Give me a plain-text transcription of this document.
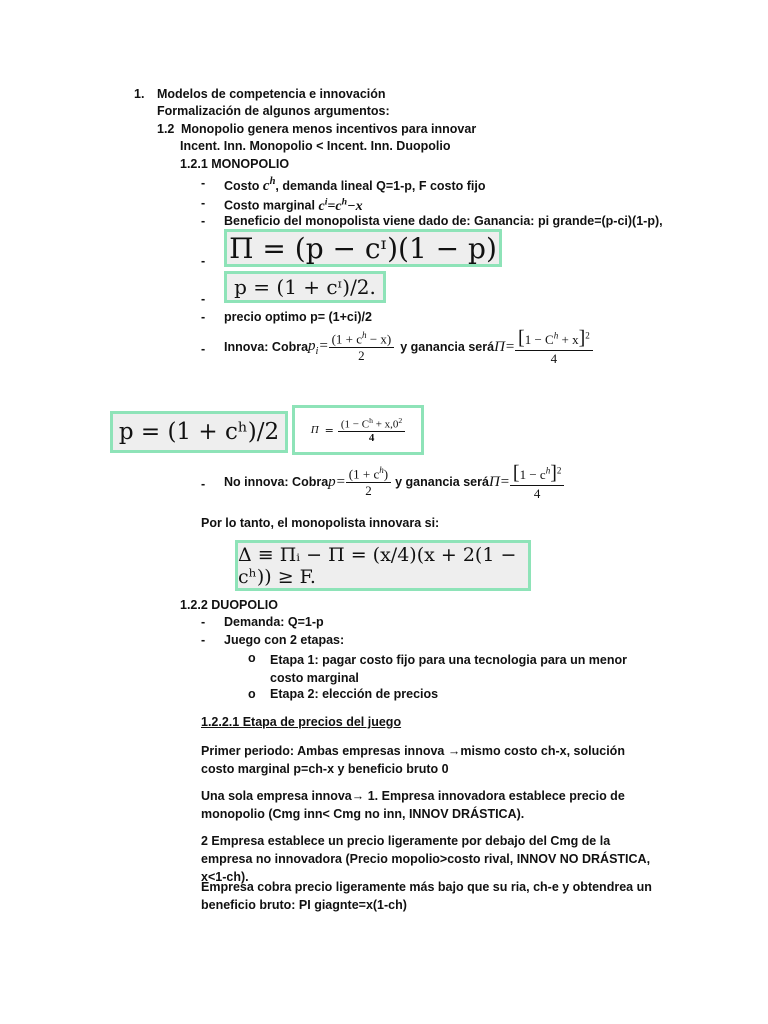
1. Modelos de competencia e innovación
Formalización de algunos argumentos:
1.2 Monopolio genera menos incentivos para innovar
Incent. Inn. Monopolio < Incent. Inn. Duopolio
1.2.1 MONOPOLIO
- Costo $c^h$, demanda lineal Q=1-p, F costo fijo
- Costo marginal $c^i=c^h-x$
- Beneficio del monopolista viene dado de: Ganancia: pi grande=(p-ci)(1-p),
- Π = (p − cᶦ)(1 − p)
-	p = (1 + cᶦ)/2.
- precio optimo p= (1+ci)/2
- Innova: Cobra $p_i= \frac{(1 + c^h - x)}{2}$ y ganancia será $\Pi= \frac{[1 - C^h + x]^2}{4}$
p = (1 + cʰ)/2	$\Pi = \frac{(1 - C^h + x,0^2}{4}$
- No innova: Cobra $p= \frac{(1 + c^h)}{2}$ y ganancia será $\Pi= \frac{[1 - c^h]^2}{4}$
Por lo tanto, el monopolista innovara si:
Δ ≡ Πᵢ − Π = (x/4)(x + 2(1 − cʰ)) ≥ F.
1.2.2 DUOPOLIO
- Demanda: Q=1-p
- Juego con 2 etapas:
o Etapa 1: pagar costo fijo para una tecnologia para un menor costo marginal
o Etapa 2: elección de precios
1.2.2.1 Etapa de precios del juego
Primer periodo: Ambas empresas innova →mismo costo ch-x, solución costo marginal p=ch-x y beneficio bruto 0
Una sola empresa innova→ 1. Empresa innovadora establece precio de monopolio (Cmg inn< Cmg no inn, INNOV DRÁSTICA).
2 Empresa establece un precio ligeramente por debajo del Cmg de la empresa no innovadora (Precio mopolio>costo rival, INNOV NO DRÁSTICA, x<1-ch).
Empresa cobra precio ligeramente más bajo que su ria, ch-e y obtendrea un beneficio bruto: PI giagnte=x(1-ch)
